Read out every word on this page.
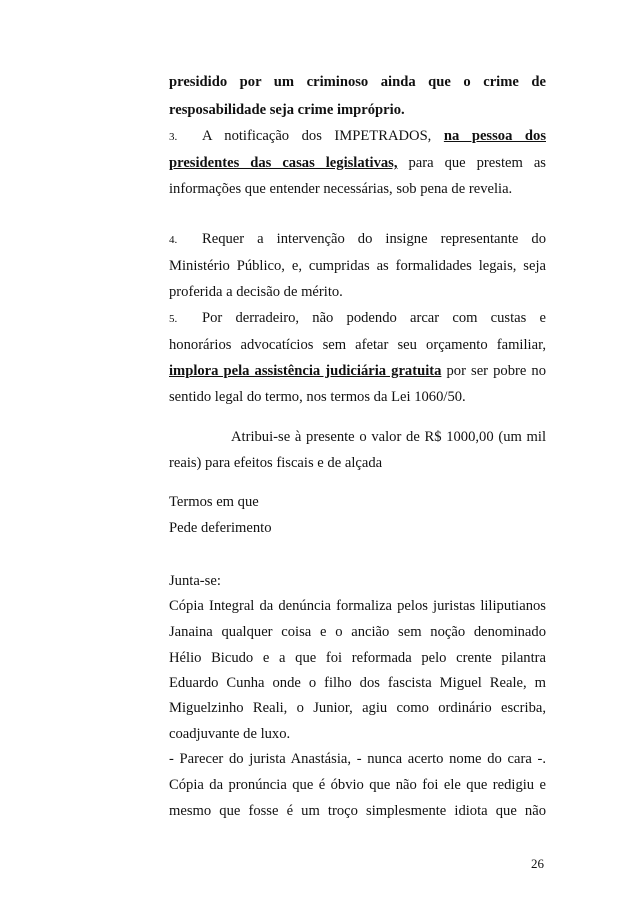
presidido por um criminoso ainda que o crime de
resposabilidade seja crime impróprio.
3. A notificação dos IMPETRADOS, na pessoa dos
presidentes das casas legislativas, para que prestem as
informações que entender necessárias, sob pena de revelia.
4. Requer a intervenção do insigne representante do
Ministério Público, e, cumpridas as formalidades legais, seja
proferida a decisão de mérito.
5. Por derradeiro, não podendo arcar com custas e
honorários advocatícios sem afetar seu orçamento familiar,
implora pela assistência judiciária gratuita por ser pobre no
sentido legal do termo, nos termos da Lei 1060/50.
Atribui-se à presente o valor de R$ 1000,00 (um mil
reais) para efeitos fiscais e de alçada
Termos em que
Pede deferimento
Junta-se:
Cópia Integral da denúncia formaliza pelos juristas liliputianos
Janaina qualquer coisa e o ancião sem noção denominado
Hélio Bicudo e a que foi reformada pelo crente pilantra
Eduardo Cunha onde o filho dos fascista Miguel Reale, m
Miguelzinho Reali, o Junior, agiu como ordinário escriba,
coadjuvante de luxo.
- Parecer do jurista Anastásia, - nunca acerto nome do cara -.
Cópia da pronúncia que é óbvio que não foi ele que redigiu e
mesmo que fosse é um troço simplesmente idiota que não
26
